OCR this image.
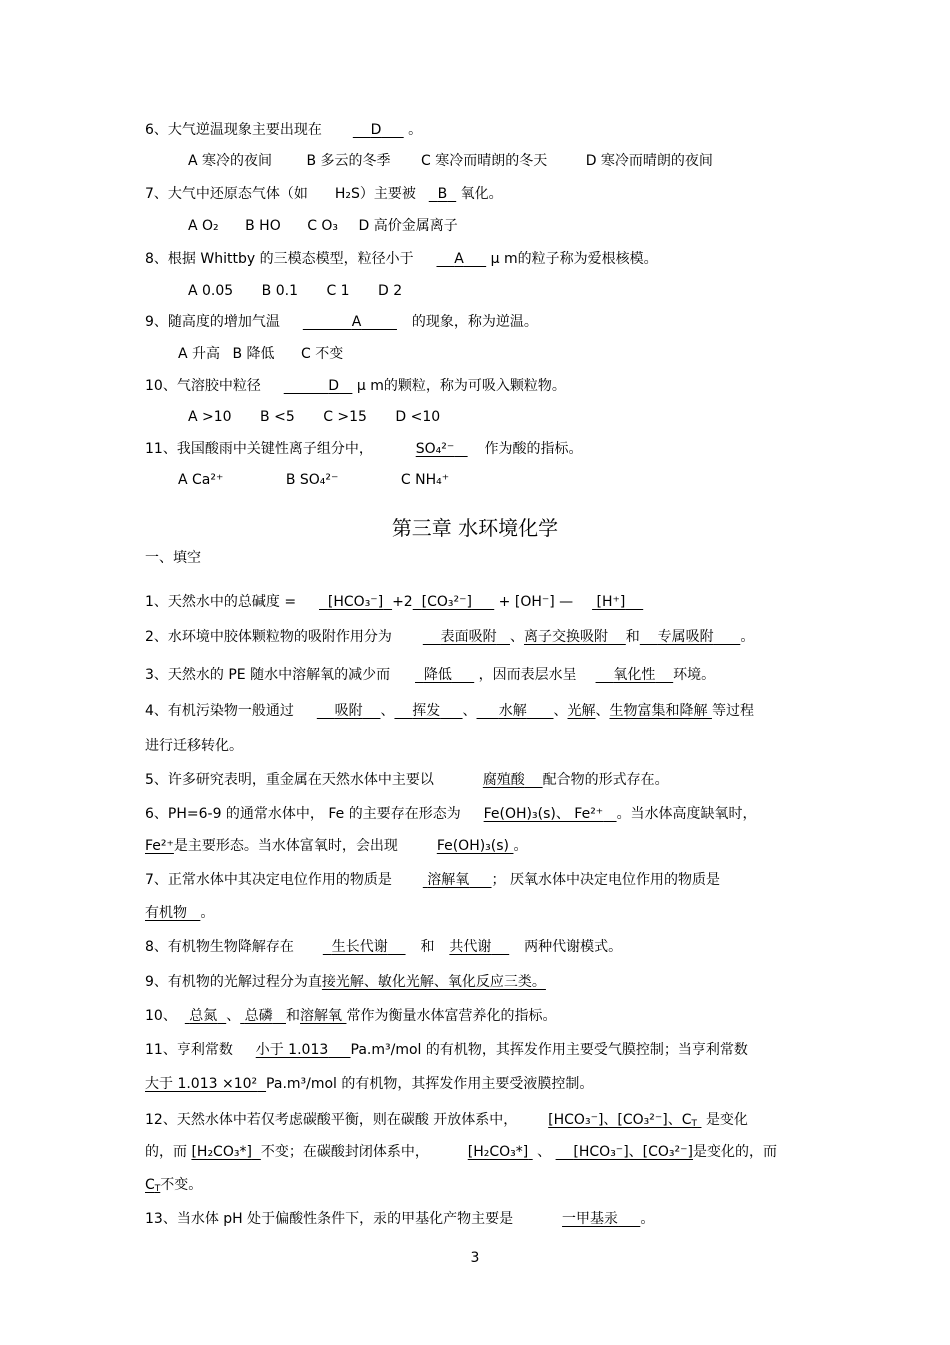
6、大气逆温现象主要出现在	D 。
A 寒冷的夜间 B 多云的冬季 C 寒冷而晴朗的冬天	D 寒冷而晴朗的夜间
7、大气中还原态气体（如 H₂S）主要被 B   氧化。
A O₂ B HO C O₃ D 高价金属离子
8、根据 Whittby 的三模态模型，粒径小于	A μ m的粒子称为爱根核模。
A 0.05 B 0.1 C 1 D 2
9、随高度的增加气温	A	的现象，称为逆温。
A 升高 B 降低 C 不变
10、气溶胶中粒径	D μ m的颗粒，称为可吸入颗粒物。
A >10 B <5 C >15 D <10
11、我国酸雨中关键性离子组分中，	SO₄²⁻ 作为酸的指标。
A Ca²⁺	B SO₄²⁻	C NH₄⁺
第三章 水环境化学
一、填空
1、天然水中的总碱度 = [HCO₃⁻] +2 [CO₃²⁻] + [OH⁻] — [H⁺]
2、水环境中胶体颗粒物的吸附作用分为	表面吸附 、离子交换吸附 和 专属吸附 。
3、天然水的 PE 随水中溶解氧的减少而 降低 ，因而表层水呈	氧化性 环境。
4、有机污染物一般通过	吸附 、 挥发 、 水解 、光解、生物富集和降解 等过程
进行迁移转化。
5、许多研究表明，重金属在天然水体中主要以	腐殖酸 配合物的形式存在。
6、PH=6-9 的通常水体中， Fe 的主要存在形态为 Fe(OH)₃(s)、 Fe²⁺ 。当水体高度缺氧时，
Fe²⁺是主要形态。当水体富氧时，会出现	Fe(OH)₃(s) 。
7、正常水体中其决定电位作用的物质是	溶解氧 ； 厌氧水体中决定电位作用的物质是
有机物 。
8、有机物生物降解存在	生长代谢 和 共代谢 两种代谢模式。
9、有机物的光解过程分为直接光解、敏化光解、氧化反应三类。
10、 总氮 、 总磷 和溶解氧 常作为衡量水体富营养化的指标。
11、亨利常数 小于 1.013 Pa.m³/mol 的有机物，其挥发作用主要受气膜控制；当亨利常数
大于 1.013 ×10² Pa.m³/mol 的有机物，其挥发作用主要受液膜控制。
12、天然水体中若仅考虑碳酸平衡，则在碳酸 开放体系中， [HCO₃⁻]、[CO₃²⁻]、$C_T$ 是变化
的，而 [H₂CO₃*] 不变；在碳酸封闭体系中，	[H₂CO₃*] 、 [HCO₃⁻]、[CO₃²⁻]是变化的，而
$C_T$不变。
13、当水体 pH 处于偏酸性条件下，汞的甲基化产物主要是	一甲基汞 。
3
